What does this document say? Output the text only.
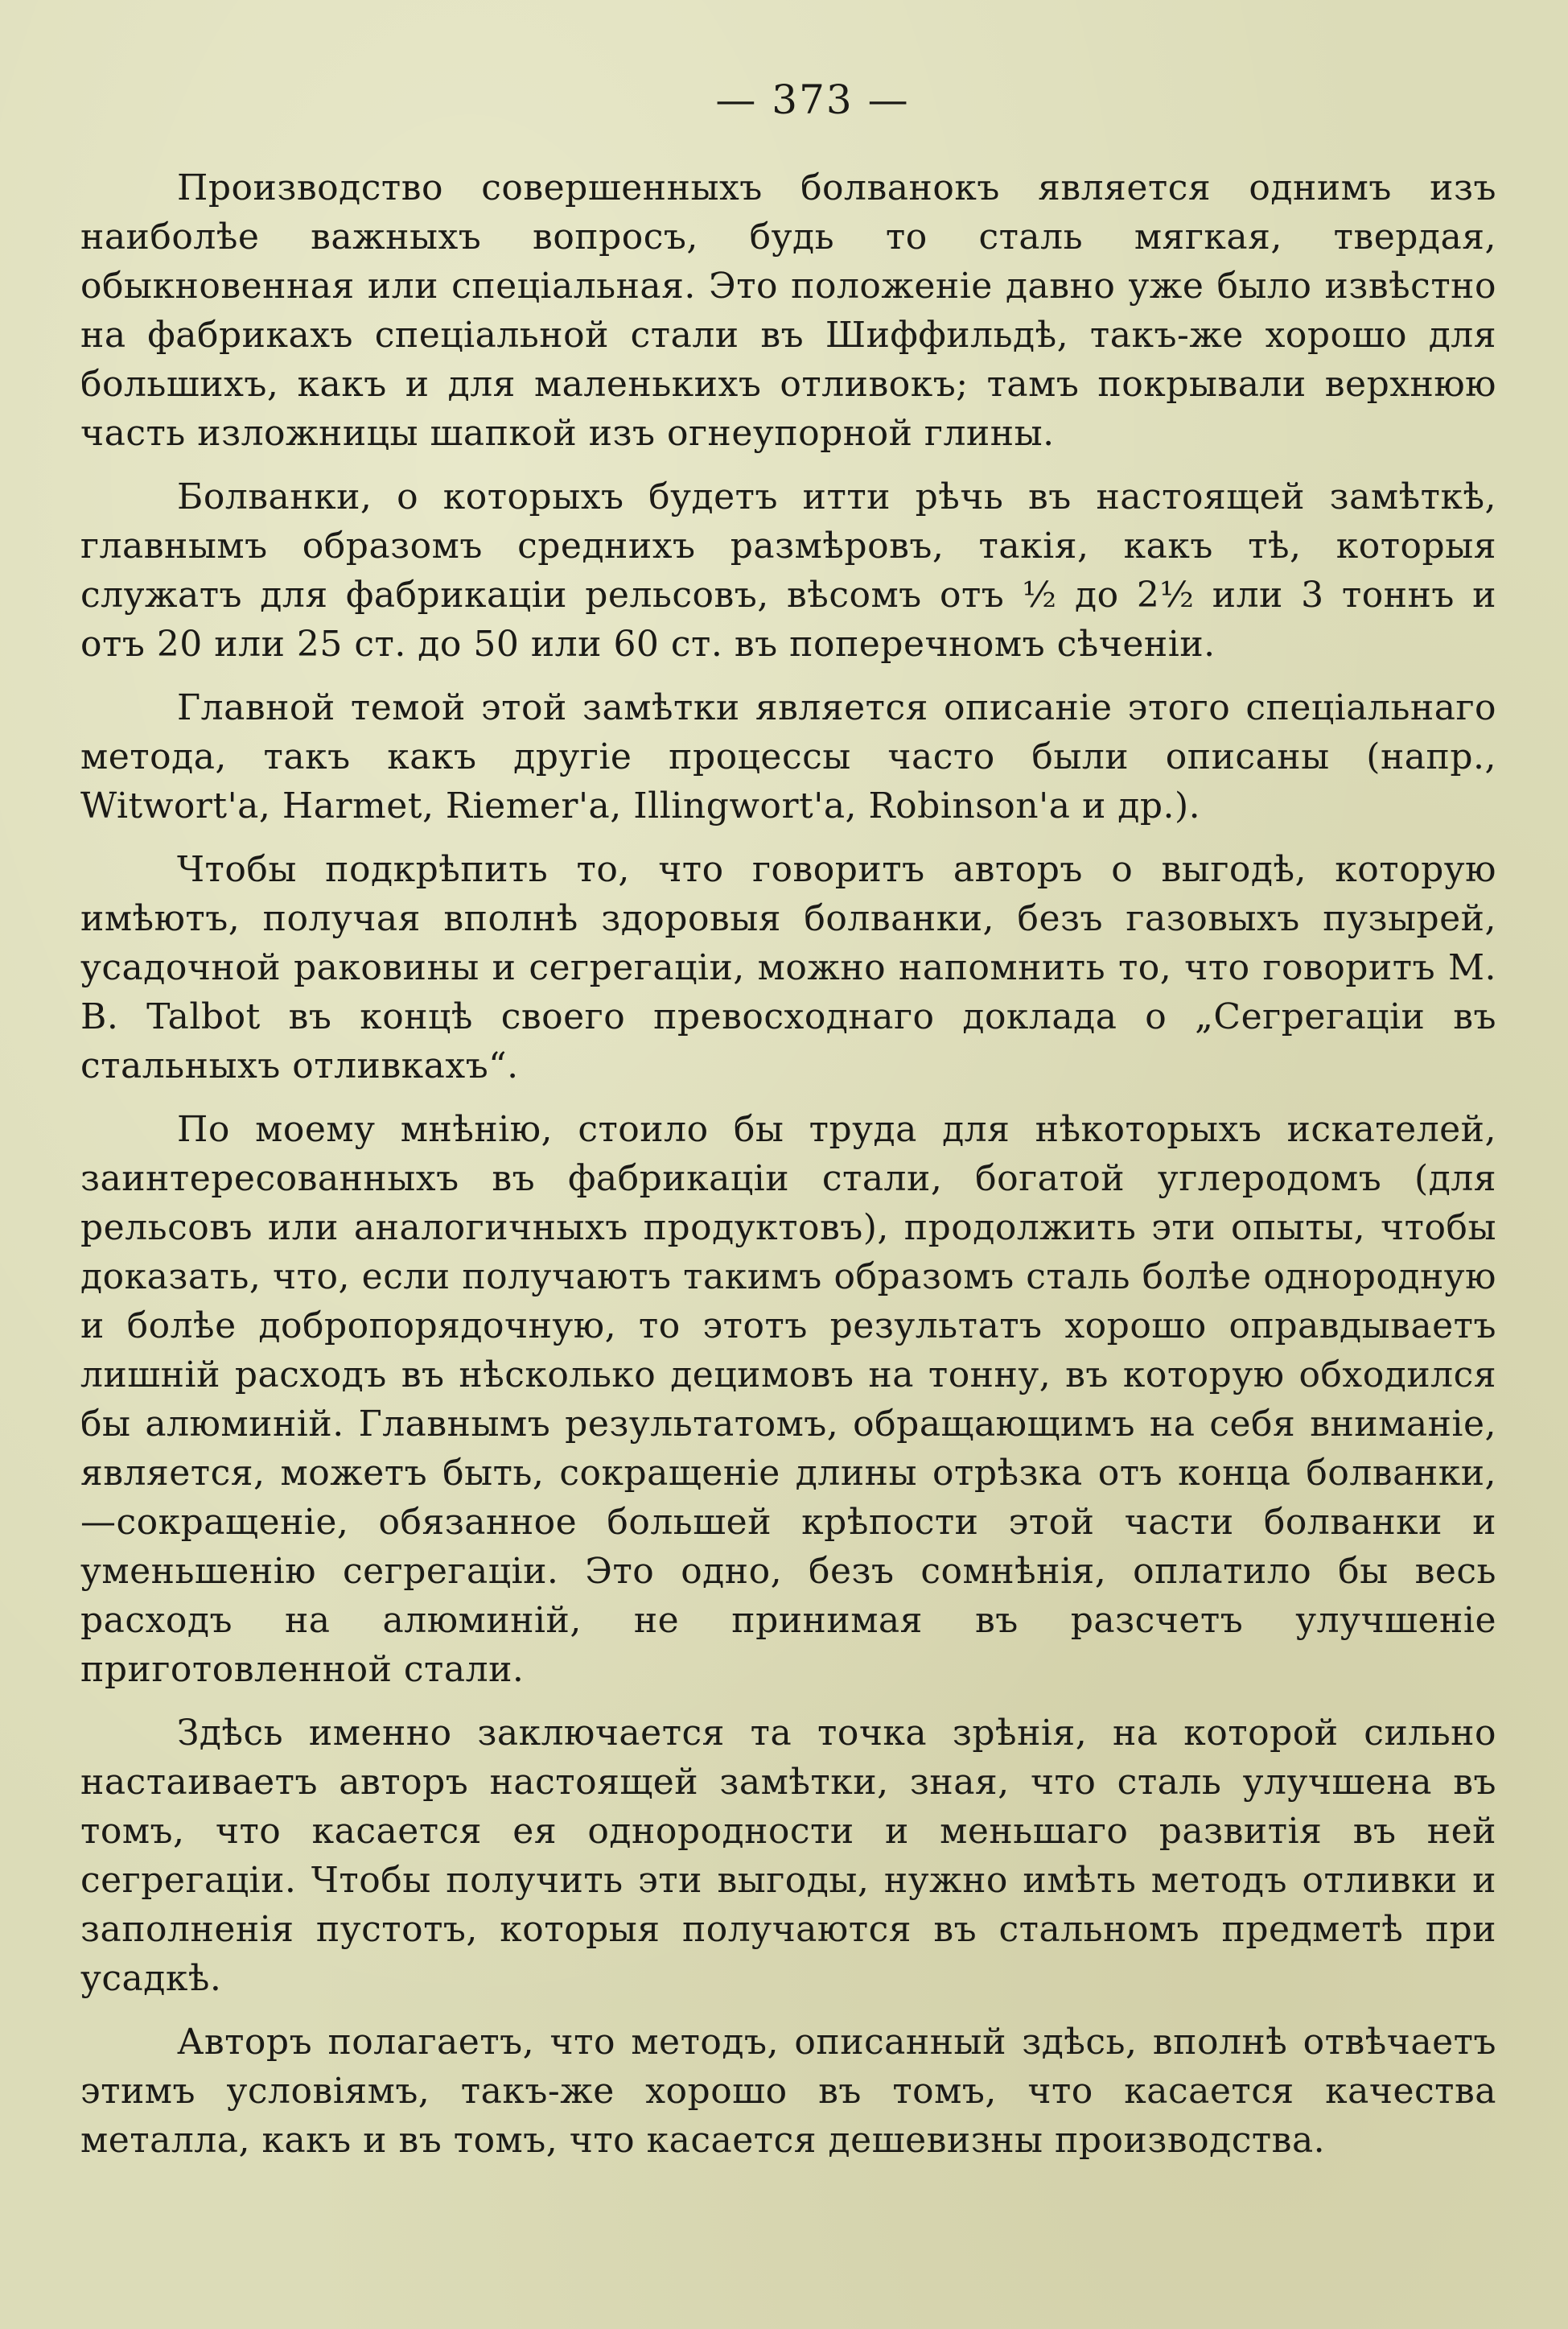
— 373 —

Производство совершенныхъ болванокъ является однимъ изъ наиболѣе важныхъ вопросъ, будь то сталь мягкая, твердая, обыкновенная или спеціальная. Это положеніе давно уже было извѣстно на фабрикахъ спеціальной стали въ Шиффильдѣ, такъ-же хорошо для большихъ, какъ и для маленькихъ отливокъ; тамъ покрывали верхнюю часть изложницы шапкой изъ огнеупорной глины.

Болванки, о которыхъ будетъ итти рѣчь въ настоящей замѣткѣ, главнымъ образомъ среднихъ размѣровъ, такія, какъ тѣ, которыя служатъ для фабрикаціи рельсовъ, вѣсомъ отъ ½ до 2½ или 3 тоннъ и отъ 20 или 25 ст. до 50 или 60 ст. въ поперечномъ сѣченіи.

Главной темой этой замѣтки является описаніе этого спеціальнаго метода, такъ какъ другіе процессы часто были описаны (напр., Witwort'a, Harmet, Riemer'a, Illingwort'a, Robinson'a и др.).

Чтобы подкрѣпить то, что говоритъ авторъ о выгодѣ, которую имѣютъ, получая вполнѣ здоровыя болванки, безъ газовыхъ пузырей, усадочной раковины и сегрегаціи, можно напомнить то, что говоритъ M. B. Talbot въ концѣ своего превосходнаго доклада о „Сегрегаціи въ стальныхъ отливкахъ“.

По моему мнѣнію, стоило бы труда для нѣкоторыхъ искателей, заинтересованныхъ въ фабрикаціи стали, богатой углеродомъ (для рельсовъ или аналогичныхъ продуктовъ), продолжить эти опыты, чтобы доказать, что, если получаютъ такимъ образомъ сталь болѣе однородную и болѣе добропорядочную, то этотъ результатъ хорошо оправдываетъ лишній расходъ въ нѣсколько децимовъ на тонну, въ которую обходился бы алюминій. Главнымъ результатомъ, обращающимъ на себя вниманіе, является, можетъ быть, сокращеніе длины отрѣзка отъ конца болванки,—сокращеніе, обязанное большей крѣпости этой части болванки и уменьшенію сегрегаціи. Это одно, безъ сомнѣнія, оплатило бы весь расходъ на алюминій, не принимая въ разсчетъ улучшеніе приготовленной стали.

Здѣсь именно заключается та точка зрѣнія, на которой сильно настаиваетъ авторъ настоящей замѣтки, зная, что сталь улучшена въ томъ, что касается ея однородности и меньшаго развитія въ ней сегрегаціи. Чтобы получить эти выгоды, нужно имѣть методъ отливки и заполненія пустотъ, которыя получаются въ стальномъ предметѣ при усадкѣ.

Авторъ полагаетъ, что методъ, описанный здѣсь, вполнѣ отвѣчаетъ этимъ условіямъ, такъ-же хорошо въ томъ, что касается качества металла, какъ и въ томъ, что касается дешевизны производства.
